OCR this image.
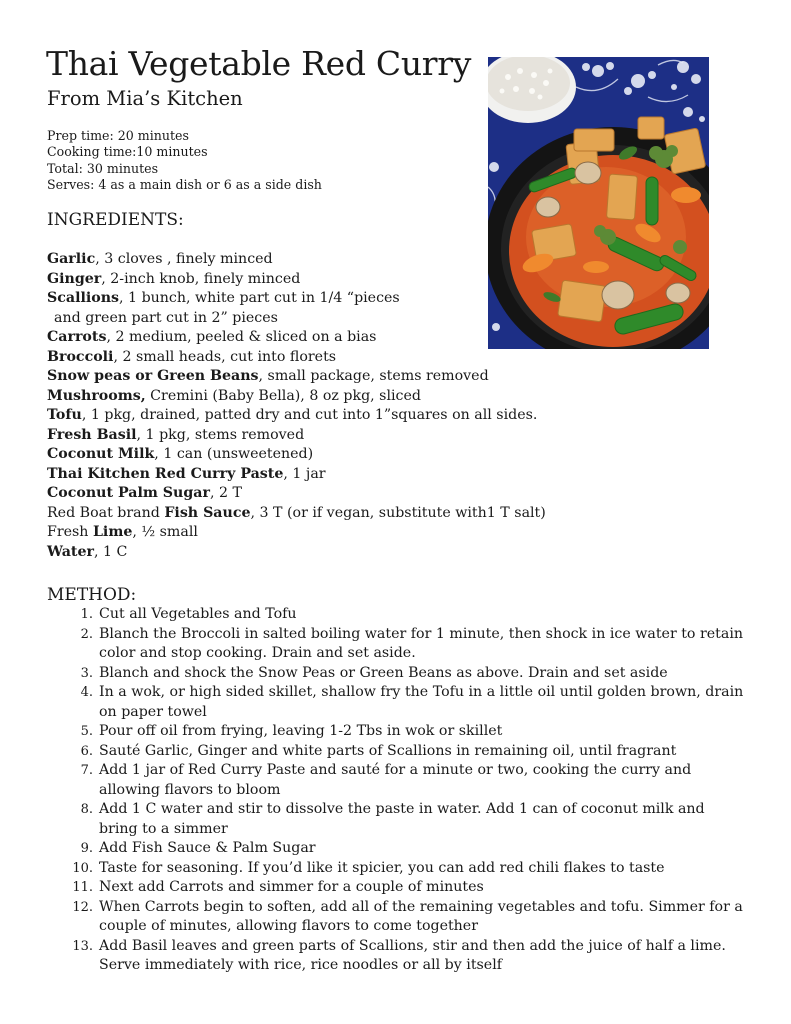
Thai Vegetable Red Curry
From Mia’s Kitchen
Prep time: 20 minutes
Cooking time:10 minutes
Total: 30 minutes
Serves: 4 as a main dish or 6 as a side dish
INGREDIENTS:
Garlic, 3 cloves , finely minced
Ginger, 2-inch knob, finely minced
Scallions, 1 bunch, white part cut in 1/4 “pieces
and green part cut in 2” pieces
Carrots, 2 medium, peeled & sliced on a bias
Broccoli, 2 small heads, cut into florets
Snow peas or Green Beans, small package, stems removed
Mushrooms, Cremini (Baby Bella), 8 oz pkg, sliced
Tofu, 1 pkg, drained, patted dry and cut into 1”squares on all sides.
Fresh Basil, 1 pkg, stems removed
Coconut Milk, 1 can (unsweetened)
Thai Kitchen Red Curry Paste, 1 jar
Coconut Palm Sugar, 2 T
Red Boat brand Fish Sauce, 3 T (or if vegan, substitute with1 T salt)
Fresh Lime, ½ small
Water, 1 C
METHOD:
1. Cut all Vegetables and Tofu
2. Blanch the Broccoli in salted boiling water for 1 minute, then shock in ice water to retain color and stop cooking. Drain and set aside.
3. Blanch and shock the Snow Peas or Green Beans as above. Drain and set aside
4. In a wok, or high sided skillet, shallow fry the Tofu in a little oil until golden brown, drain on paper towel
5. Pour off oil from frying, leaving 1-2 Tbs in wok or skillet
6. Sauté Garlic, Ginger and white parts of Scallions in remaining oil, until fragrant
7. Add 1 jar of Red Curry Paste and sauté for a minute or two, cooking the curry and allowing flavors to bloom
8. Add 1 C water and stir to dissolve the paste in water. Add 1 can of coconut milk and bring to a simmer
9. Add Fish Sauce & Palm Sugar
10. Taste for seasoning. If you’d like it spicier, you can add red chili flakes to taste
11. Next add Carrots and simmer for a couple of minutes
12. When Carrots begin to soften, add all of the remaining vegetables and tofu. Simmer for a couple of minutes, allowing flavors to come together
13. Add Basil leaves and green parts of Scallions, stir and then add the juice of half a lime. Serve immediately with rice, rice noodles or all by itself
